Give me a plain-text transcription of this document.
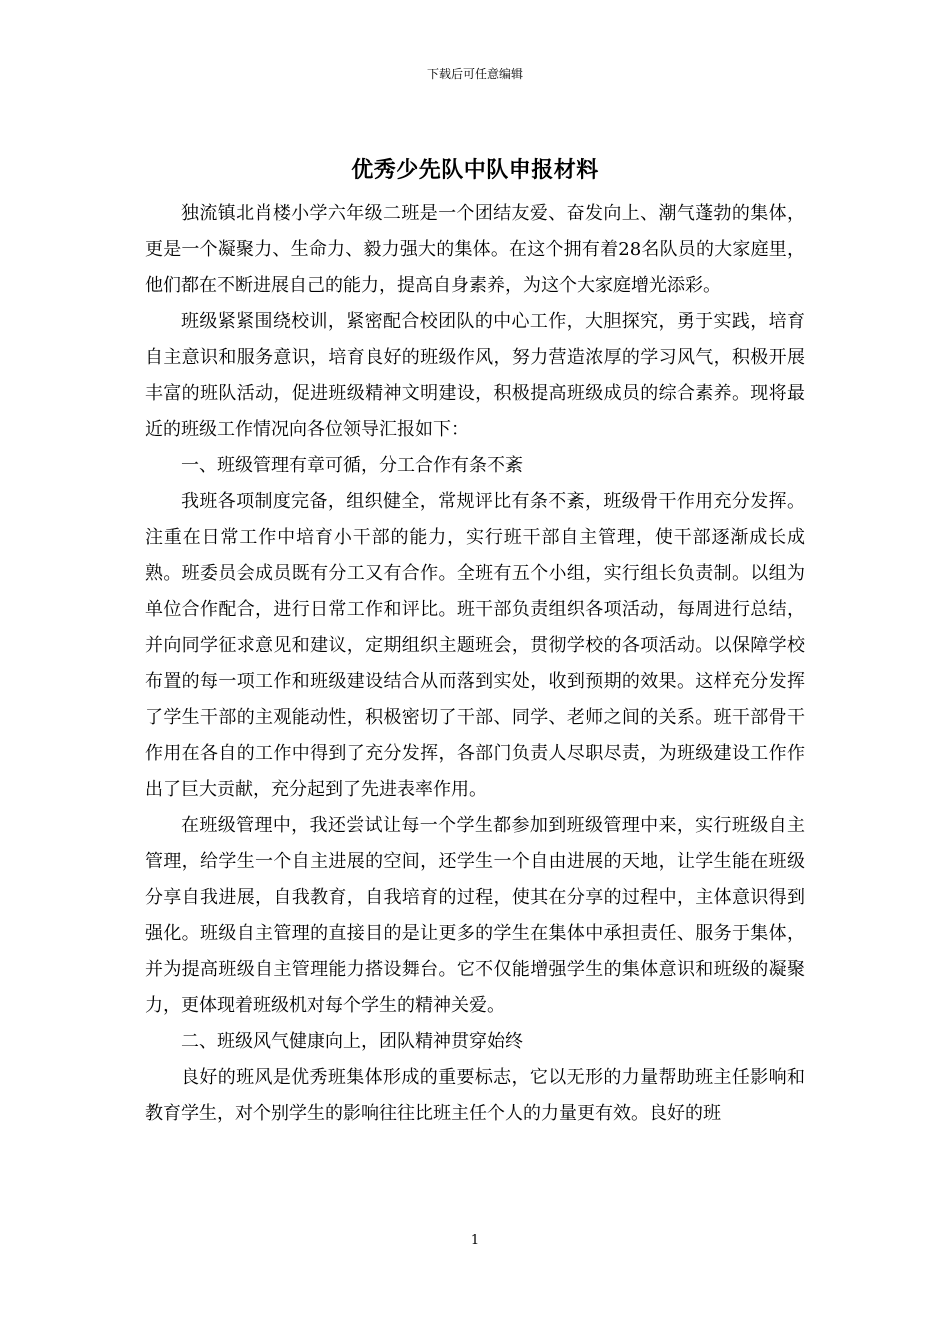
下载后可任意编辑
优秀少先队中队申报材料

独流镇北肖楼小学六年级二班是一个团结友爱、奋发向上、潮气蓬勃的集体，更是一个凝聚力、生命力、毅力强大的集体。在这个拥有着28名队员的大家庭里，他们都在不断进展自己的能力，提高自身素养，为这个大家庭增光添彩。

班级紧紧围绕校训，紧密配合校团队的中心工作，大胆探究，勇于实践，培育自主意识和服务意识，培育良好的班级作风，努力营造浓厚的学习风气，积极开展丰富的班队活动，促进班级精神文明建设，积极提高班级成员的综合素养。现将最近的班级工作情况向各位领导汇报如下：

一、班级管理有章可循，分工合作有条不紊

我班各项制度完备，组织健全，常规评比有条不紊，班级骨干作用充分发挥。注重在日常工作中培育小干部的能力，实行班干部自主管理，使干部逐渐成长成熟。班委员会成员既有分工又有合作。全班有五个小组，实行组长负责制。以组为单位合作配合，进行日常工作和评比。班干部负责组织各项活动，每周进行总结，并向同学征求意见和建议，定期组织主题班会，贯彻学校的各项活动。以保障学校布置的每一项工作和班级建设结合从而落到实处，收到预期的效果。这样充分发挥了学生干部的主观能动性，积极密切了干部、同学、老师之间的关系。班干部骨干作用在各自的工作中得到了充分发挥，各部门负责人尽职尽责，为班级建设工作作出了巨大贡献，充分起到了先进表率作用。

在班级管理中，我还尝试让每一个学生都参加到班级管理中来，实行班级自主管理，给学生一个自主进展的空间，还学生一个自由进展的天地，让学生能在班级分享自我进展，自我教育，自我培育的过程，使其在分享的过程中，主体意识得到强化。班级自主管理的直接目的是让更多的学生在集体中承担责任、服务于集体，并为提高班级自主管理能力搭设舞台。它不仅能增强学生的集体意识和班级的凝聚力，更体现着班级机对每个学生的精神关爱。

二、班级风气健康向上，团队精神贯穿始终

良好的班风是优秀班集体形成的重要标志，它以无形的力量帮助班主任影响和教育学生，对个别学生的影响往往比班主任个人的力量更有效。良好的班

1
